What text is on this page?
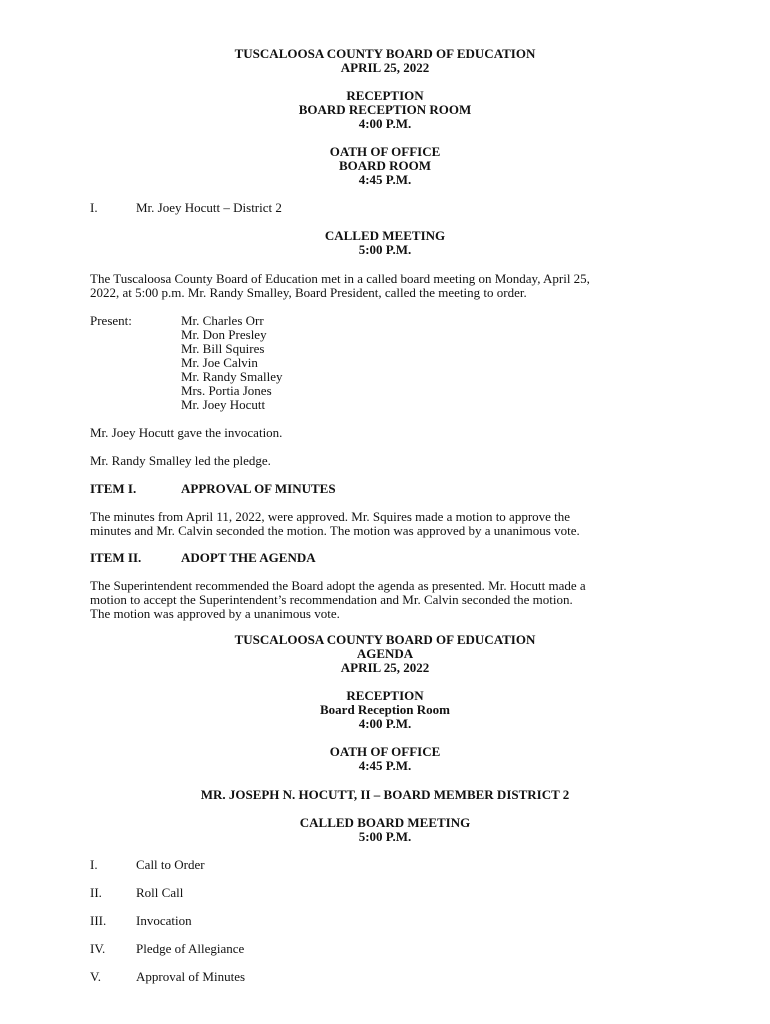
TUSCALOOSA COUNTY BOARD OF EDUCATION
APRIL 25, 2022
RECEPTION
BOARD RECEPTION ROOM
4:00 P.M.
OATH OF OFFICE
BOARD ROOM
4:45 P.M.
I.	Mr. Joey Hocutt – District 2
CALLED MEETING
5:00 P.M.
The Tuscaloosa County Board of Education met in a called board meeting on Monday, April 25,
2022, at 5:00 p.m. Mr. Randy Smalley, Board President, called the meeting to order.
Present:	Mr. Charles Orr
Mr. Don Presley
Mr. Bill Squires
Mr. Joe Calvin
Mr. Randy Smalley
Mrs. Portia Jones
Mr. Joey Hocutt
Mr. Joey Hocutt gave the invocation.
Mr. Randy Smalley led the pledge.
ITEM I.	APPROVAL OF MINUTES
The minutes from April 11, 2022, were approved. Mr. Squires made a motion to approve the
minutes and Mr. Calvin seconded the motion. The motion was approved by a unanimous vote.
ITEM II.	ADOPT THE AGENDA
The Superintendent recommended the Board adopt the agenda as presented. Mr. Hocutt made a
motion to accept the Superintendent’s recommendation and Mr. Calvin seconded the motion.
The motion was approved by a unanimous vote.
TUSCALOOSA COUNTY BOARD OF EDUCATION
AGENDA
APRIL 25, 2022
RECEPTION
Board Reception Room
4:00 P.M.
OATH OF OFFICE
4:45 P.M.
MR. JOSEPH N. HOCUTT, II – BOARD MEMBER DISTRICT 2
CALLED BOARD MEETING
5:00 P.M.
I.	Call to Order
II.	Roll Call
III. Invocation
IV. Pledge of Allegiance
V.	Approval of Minutes
